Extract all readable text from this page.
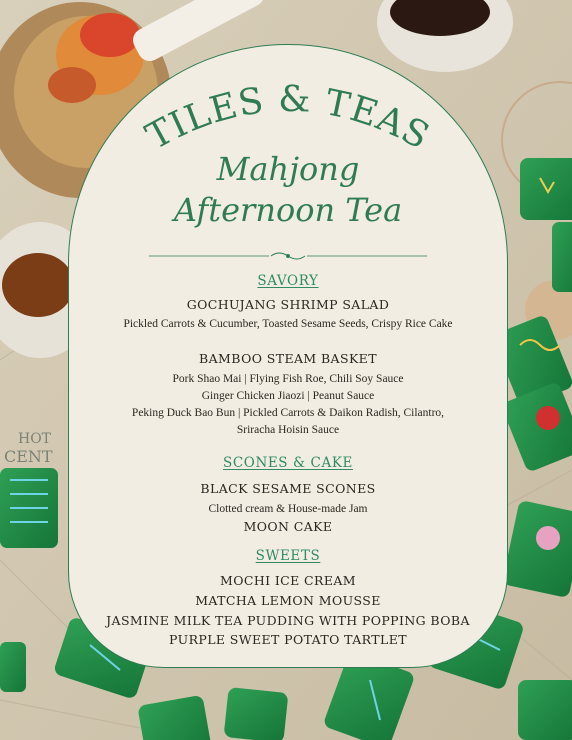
HOT
CENT
TILES & TEAS
Mahjong
Afternoon Tea
SAVORY
GOCHUJANG SHRIMP SALAD
Pickled Carrots & Cucumber, Toasted Sesame Seeds, Crispy Rice Cake
BAMBOO STEAM BASKET
Pork Shao Mai | Flying Fish Roe, Chili Soy Sauce
Ginger Chicken Jiaozi | Peanut Sauce
Peking Duck Bao Bun | Pickled Carrots & Daikon Radish, Cilantro,
Sriracha Hoisin Sauce
SCONES & CAKE
BLACK SESAME SCONES
Clotted cream & House-made Jam
MOON CAKE
SWEETS
MOCHI ICE CREAM
MATCHA LEMON MOUSSE
JASMINE MILK TEA PUDDING WITH POPPING BOBA
PURPLE SWEET POTATO TARTLET
